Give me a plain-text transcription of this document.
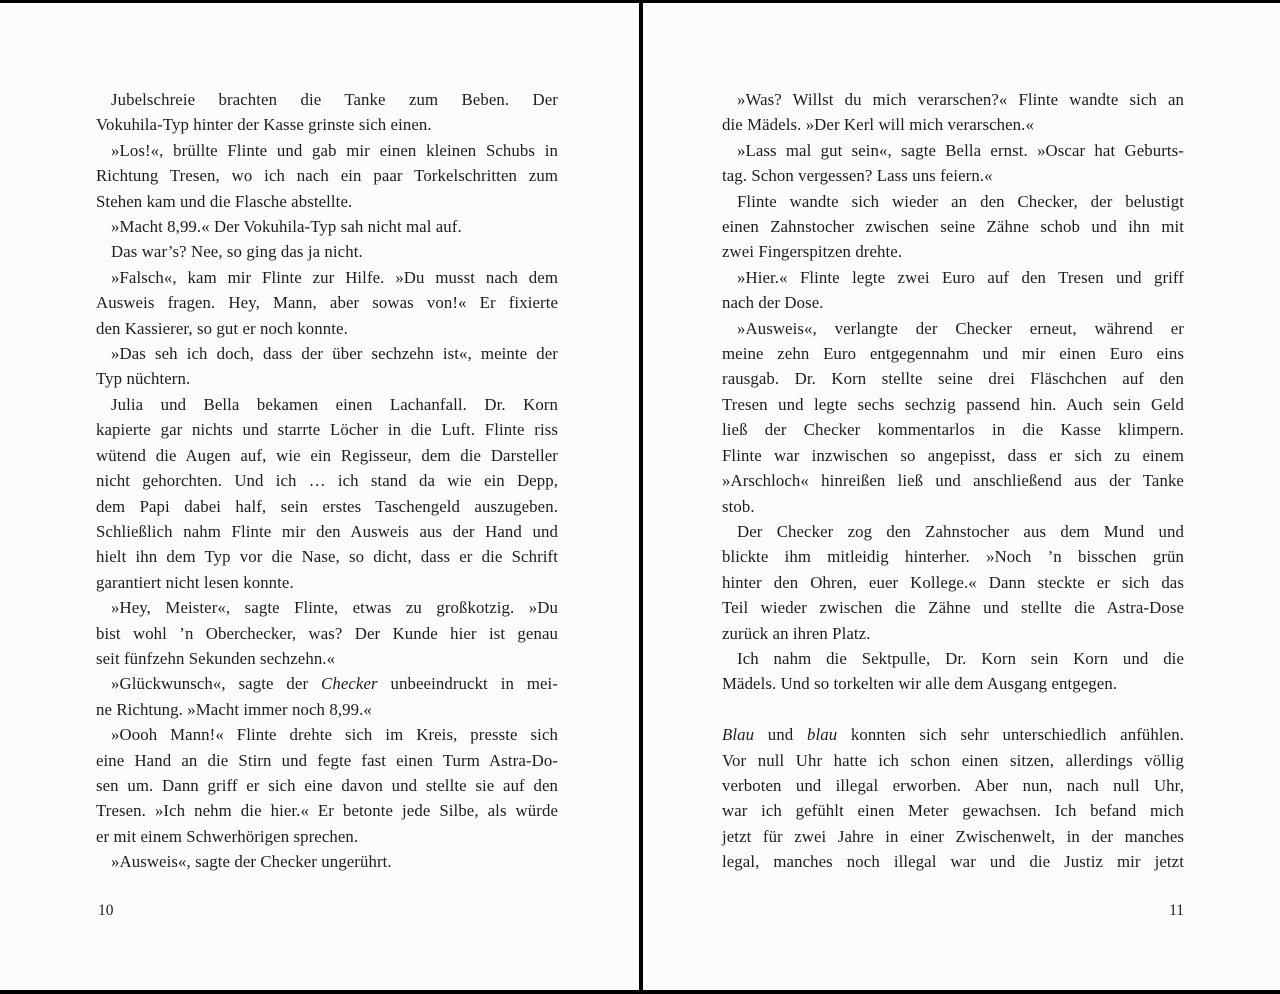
Jubelschreie brachten die Tanke zum Beben. Der
Vokuhila-Typ hinter der Kasse grinste sich einen.
»Los!«, brüllte Flinte und gab mir einen kleinen Schubs in
Richtung Tresen, wo ich nach ein paar Torkelschritten zum
Stehen kam und die Flasche abstellte.
»Macht 8,99.« Der Vokuhila-Typ sah nicht mal auf.
Das war’s? Nee, so ging das ja nicht.
»Falsch«, kam mir Flinte zur Hilfe. »Du musst nach dem
Ausweis fragen. Hey, Mann, aber sowas von!« Er fixierte
den Kassierer, so gut er noch konnte.
»Das seh ich doch, dass der über sechzehn ist«, meinte der
Typ nüchtern.
Julia und Bella bekamen einen Lachanfall. Dr. Korn
kapierte gar nichts und starrte Löcher in die Luft. Flinte riss
wütend die Augen auf, wie ein Regisseur, dem die Darsteller
nicht gehorchten. Und ich … ich stand da wie ein Depp,
dem Papi dabei half, sein erstes Taschengeld auszugeben.
Schließlich nahm Flinte mir den Ausweis aus der Hand und
hielt ihn dem Typ vor die Nase, so dicht, dass er die Schrift
garantiert nicht lesen konnte.
»Hey, Meister«, sagte Flinte, etwas zu großkotzig. »Du
bist wohl ’n Oberchecker, was? Der Kunde hier ist genau
seit fünfzehn Sekunden sechzehn.«
»Glückwunsch«, sagte der Checker unbeeindruckt in mei-
ne Richtung. »Macht immer noch 8,99.«
»Oooh Mann!« Flinte drehte sich im Kreis, presste sich
eine Hand an die Stirn und fegte fast einen Turm Astra-Do-
sen um. Dann griff er sich eine davon und stellte sie auf den
Tresen. »Ich nehm die hier.« Er betonte jede Silbe, als würde
er mit einem Schwerhörigen sprechen.
»Ausweis«, sagte der Checker ungerührt.
10
»Was? Willst du mich verarschen?« Flinte wandte sich an
die Mädels. »Der Kerl will mich verarschen.«
»Lass mal gut sein«, sagte Bella ernst. »Oscar hat Geburts-
tag. Schon vergessen? Lass uns feiern.«
Flinte wandte sich wieder an den Checker, der belustigt
einen Zahnstocher zwischen seine Zähne schob und ihn mit
zwei Fingerspitzen drehte.
»Hier.« Flinte legte zwei Euro auf den Tresen und griff
nach der Dose.
»Ausweis«, verlangte der Checker erneut, während er
meine zehn Euro entgegennahm und mir einen Euro eins
rausgab. Dr. Korn stellte seine drei Fläschchen auf den
Tresen und legte sechs sechzig passend hin. Auch sein Geld
ließ der Checker kommentarlos in die Kasse klimpern.
Flinte war inzwischen so angepisst, dass er sich zu einem
»Arschloch« hinreißen ließ und anschließend aus der Tanke
stob.
Der Checker zog den Zahnstocher aus dem Mund und
blickte ihm mitleidig hinterher. »Noch ’n bisschen grün
hinter den Ohren, euer Kollege.« Dann steckte er sich das
Teil wieder zwischen die Zähne und stellte die Astra-Dose
zurück an ihren Platz.
Ich nahm die Sektpulle, Dr. Korn sein Korn und die
Mädels. Und so torkelten wir alle dem Ausgang entgegen.
Blau und blau konnten sich sehr unterschiedlich anfühlen.
Vor null Uhr hatte ich schon einen sitzen, allerdings völlig
verboten und illegal erworben. Aber nun, nach null Uhr,
war ich gefühlt einen Meter gewachsen. Ich befand mich
jetzt für zwei Jahre in einer Zwischenwelt, in der manches
legal, manches noch illegal war und die Justiz mir jetzt
11
